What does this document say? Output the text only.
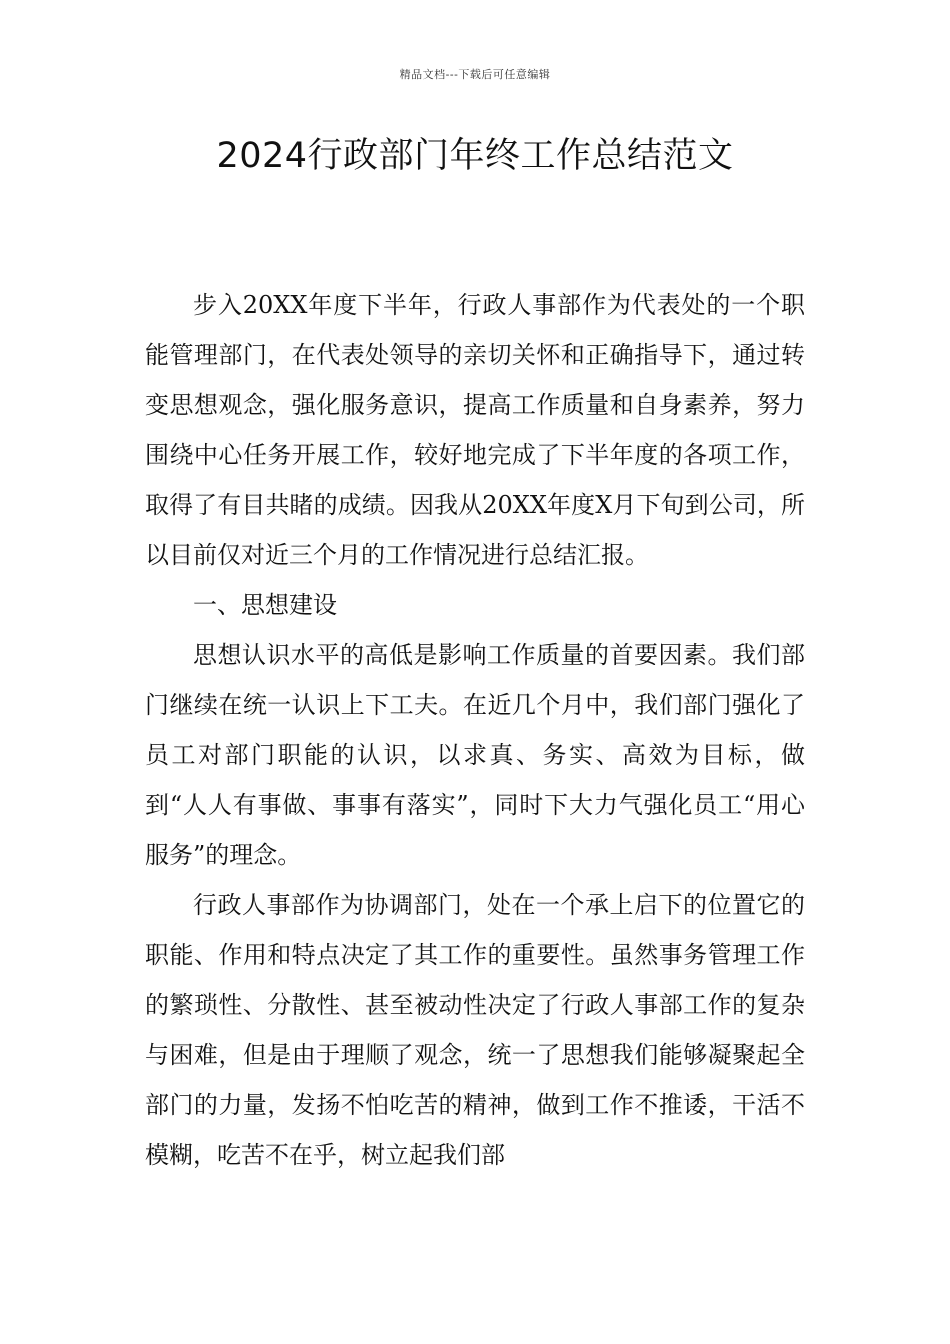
精品文档---下载后可任意编辑
2024行政部门年终工作总结范文

步入20XX年度下半年，行政人事部作为代表处的一个职能管理部门，在代表处领导的亲切关怀和正确指导下，通过转变思想观念，强化服务意识，提高工作质量和自身素养，努力围绕中心任务开展工作，较好地完成了下半年度的各项工作，取得了有目共睹的成绩。因我从20XX年度X月下旬到公司，所以目前仅对近三个月的工作情况进行总结汇报。

一、思想建设

思想认识水平的高低是影响工作质量的首要因素。我们部门继续在统一认识上下工夫。在近几个月中，我们部门强化了员工对部门职能的认识，以求真、务实、高效为目标，做到“人人有事做、事事有落实”，同时下大力气强化员工“用心服务”的理念。

行政人事部作为协调部门，处在一个承上启下的位置它的职能、作用和特点决定了其工作的重要性。虽然事务管理工作的繁琐性、分散性、甚至被动性决定了行政人事部工作的复杂与困难，但是由于理顺了观念，统一了思想我们能够凝聚起全部门的力量，发扬不怕吃苦的精神，做到工作不推诿，干活不模糊，吃苦不在乎，树立起我们部
